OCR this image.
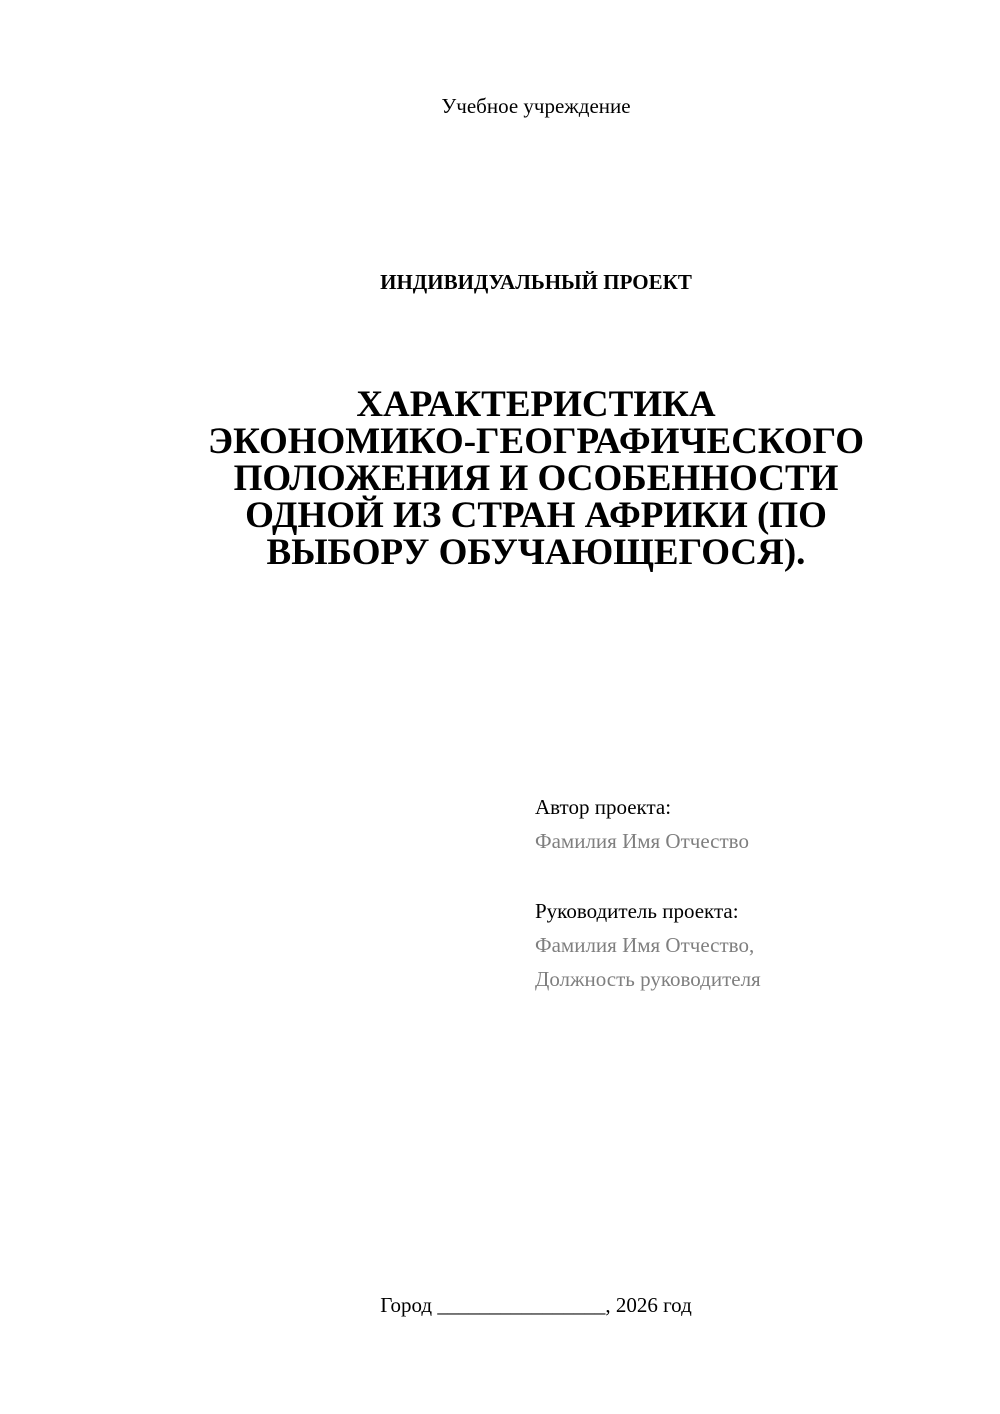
Учебное учреждение
ИНДИВИДУАЛЬНЫЙ ПРОЕКТ
ХАРАКТЕРИСТИКА
ЭКОНОМИКО-ГЕОГРАФИЧЕСКОГО
ПОЛОЖЕНИЯ И ОСОБЕННОСТИ
ОДНОЙ ИЗ СТРАН АФРИКИ (ПО
ВЫБОРУ ОБУЧАЮЩЕГОСЯ).
Автор проекта:
Фамилия Имя Отчество
Руководитель проекта:
Фамилия Имя Отчество,
Должность руководителя
Город ________________, 2026 год
